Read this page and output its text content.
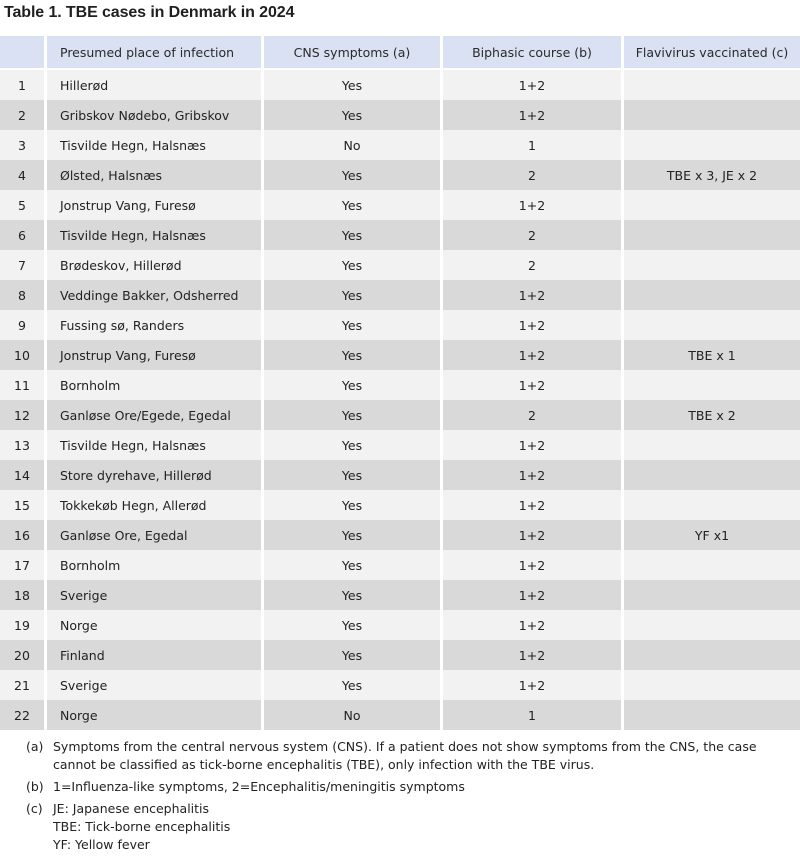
Table 1. TBE cases in Denmark in 2024
	Presumed place of infection	CNS symptoms (a)	Biphasic course (b)	Flavivirus vaccinated (c)
1	Hillerød	Yes	1+2	
2	Gribskov Nødebo, Gribskov	Yes	1+2	
3	Tisvilde Hegn, Halsnæs	No	1	
4	Ølsted, Halsnæs	Yes	2	TBE x 3, JE x 2
5	Jonstrup Vang, Furesø	Yes	1+2	
6	Tisvilde Hegn, Halsnæs	Yes	2	
7	Brødeskov, Hillerød	Yes	2	
8	Veddinge Bakker, Odsherred	Yes	1+2	
9	Fussing sø, Randers	Yes	1+2	
10	Jonstrup Vang, Furesø	Yes	1+2	TBE x 1
11	Bornholm	Yes	1+2	
12	Ganløse Ore/Egede, Egedal	Yes	2	TBE x 2
13	Tisvilde Hegn, Halsnæs	Yes	1+2	
14	Store dyrehave, Hillerød	Yes	1+2	
15	Tokkekøb Hegn, Allerød	Yes	1+2	
16	Ganløse Ore, Egedal	Yes	1+2	YF x1
17	Bornholm	Yes	1+2	
18	Sverige	Yes	1+2	
19	Norge	Yes	1+2	
20	Finland	Yes	1+2	
21	Sverige	Yes	1+2	
22	Norge	No	1	
(a) Symptoms from the central nervous system (CNS). If a patient does not show symptoms from the CNS, the case
cannot be classified as tick-borne encephalitis (TBE), only infection with the TBE virus.
(b) 1=Influenza-like symptoms, 2=Encephalitis/meningitis symptoms
(c) JE: Japanese encephalitis
TBE: Tick-borne encephalitis
YF: Yellow fever
